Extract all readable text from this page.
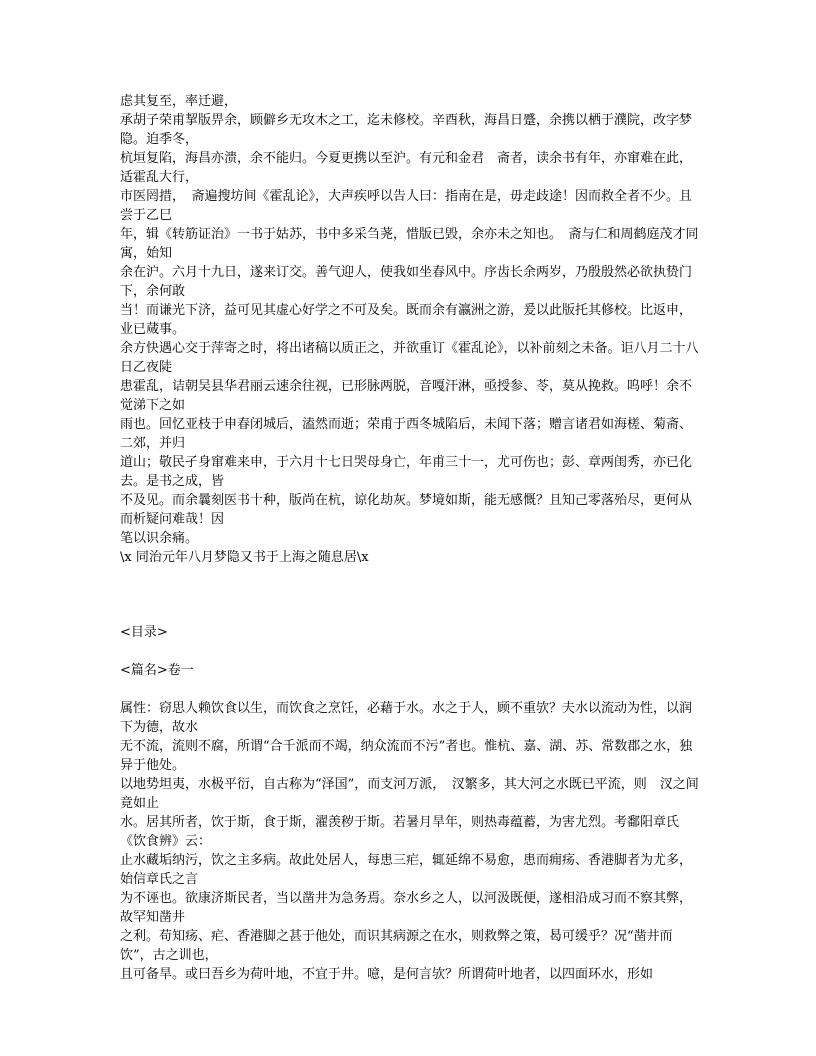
虑其复至，率迁避，

承胡子荣甫挈版畀余，顾僻乡无攻木之工，迄未修校。辛酉秋，海昌日蹙，余携以栖于濮院，改字梦隐。迫季冬，

杭垣复陷，海昌亦溃，余不能归。今夏更携以至沪。有元和金君　斋者，读余书有年，亦窜难在此，适霍乱大行，

市医罔措，　斋遍搜坊间《霍乱论》，大声疾呼以告人曰：指南在是，毋走歧途！因而救全者不少。且尝于乙巳

年，辑《转筋证治》一书于姑苏，书中多采刍荛，惜版已毁，余亦未之知也。　斋与仁和周鹤庭茂才同寓，始知

余在沪。六月十九日，遂来订交。善气迎人，使我如坐春风中。序齿长余两岁，乃殷殷然必欲执贽门下，余何敢

当！而谦光下济，益可见其虚心好学之不可及矣。既而余有瀛洲之游，爰以此版托其修校。比返申，业已蒇事。

余方快遇心交于萍寄之时，将出诸稿以质正之，并欲重订《霍乱论》，以补前刻之未备。讵八月二十八日乙夜陡

患霍乱，诘朝吴县华君丽云速余往视，已形脉两脱，音嘎汗淋，亟授参、苓，莫从挽救。呜呼！余不觉涕下之如

雨也。回忆亚枝于申春闭城后，溘然而逝；荣甫于西冬城陷后，未闻下落；赠言诸君如海槎、菊斋、二郊，并归

道山；敬民孑身窜难来申，于六月十七日哭母身亡，年甫三十一，尤可伤也；彭、章两闺秀，亦已化去。是书之成，皆

不及见。而余曩刻医书十种，版尚在杭，谅化劫灰。梦境如斯，能无感慨？且知己零落殆尽，更何从而析疑问难哉！因

笔以识余痛。

\x 同治元年八月梦隐又书于上海之随息居\x

<目录>

<篇名>卷一

属性：窃思人赖饮食以生，而饮食之烹饪，必藉于水。水之于人，顾不重欤？夫水以流动为性，以润下为德，故水

无不流，流则不腐，所谓“合千派而不竭，纳众流而不污”者也。惟杭、嘉、湖、苏、常数郡之水，独异于他处。

以地势坦夷，水极平衍，自古称为“泽国”，而支河万派，　汊繁多，其大河之水既已平流，则　汊之间竟如止

水。居其所者，饮于斯，食于斯，濯羡秽于斯。若暑月旱年，则热毒蕴蓄，为害尤烈。考鄱阳章氏《饮食辨》云：

止水藏垢纳污，饮之主多病。故此处居人，每患三疟，辄延绵不易愈，患而痈疡、香港脚者为尤多，始信章氏之言

为不诬也。欲康济斯民者，当以凿井为急务焉。奈水乡之人，以河汲既便，遂相沿成习而不察其弊，故罕知凿井

之利。苟知疡、疟、香港脚之甚于他处，而识其病源之在水，则救弊之策，曷可缓乎？况“凿井而饮”，古之训也，

且可备旱。或曰吾乡为荷叶地，不宜于井。噫，是何言欤？所谓荷叶地者，以四面环水，形如
